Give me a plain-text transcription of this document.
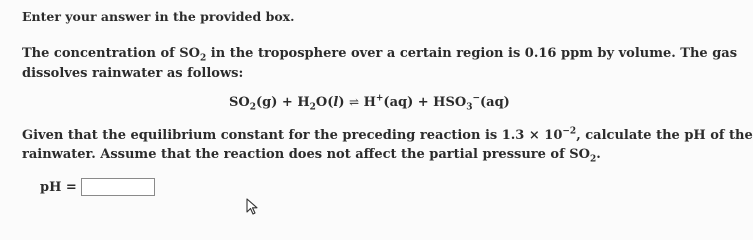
Enter your answer in the provided box.
The concentration of $SO_2$ in the troposphere over a certain region is 0.16 ppm by volume. The gas
dissolves rainwater as follows:
$SO_2(g) + H_2O(l)$ ⇌ $H^+(aq) + HSO_3^-(aq)$
Given that the equilibrium constant for the preceding reaction is $1.3 \times 10^{-2}$, calculate the pH of the
rainwater. Assume that the reaction does not affect the partial pressure of $SO_2$.
pH =
